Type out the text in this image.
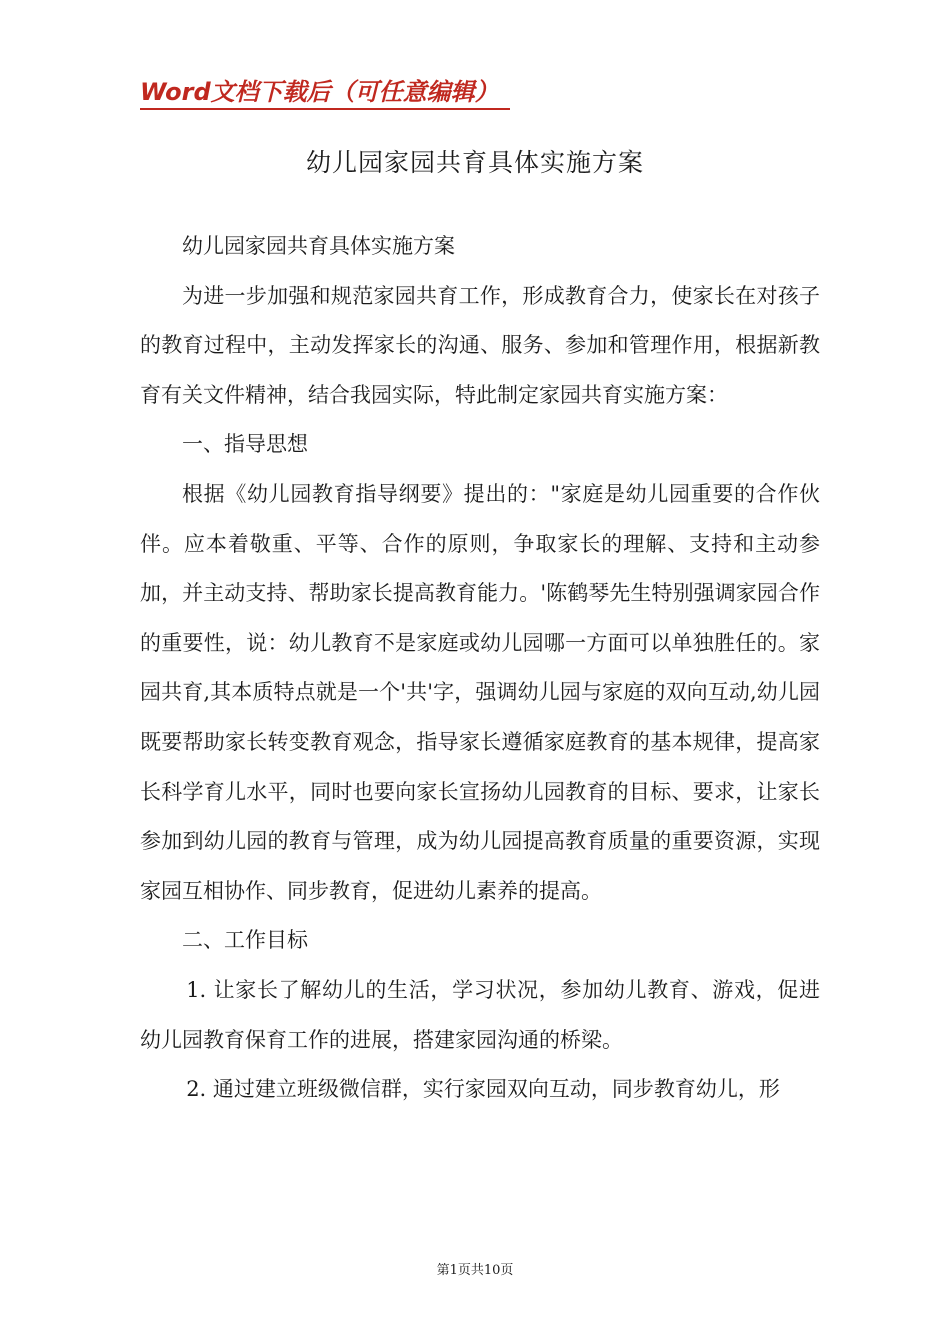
Word文档下载后（可任意编辑）
幼儿园家园共育具体实施方案

幼儿园家园共育具体实施方案

为进一步加强和规范家园共育工作，形成教育合力，使家长在对孩子的教育过程中，主动发挥家长的沟通、服务、参加和管理作用，根据新教育有关文件精神，结合我园实际，特此制定家园共育实施方案：

一、指导思想

根据《幼儿园教育指导纲要》提出的："家庭是幼儿园重要的合作伙伴。应本着敬重、平等、合作的原则，争取家长的理解、支持和主动参加，并主动支持、帮助家长提高教育能力。'陈鹤琴先生特别强调家园合作的重要性，说：幼儿教育不是家庭或幼儿园哪一方面可以单独胜任的。家园共育,其本质特点就是一个'共'字，强调幼儿园与家庭的双向互动,幼儿园既要帮助家长转变教育观念，指导家长遵循家庭教育的基本规律，提高家长科学育儿水平，同时也要向家长宣扬幼儿园教育的目标、要求，让家长参加到幼儿园的教育与管理，成为幼儿园提高教育质量的重要资源，实现家园互相协作、同步教育，促进幼儿素养的提高。

二、工作目标

1. 让家长了解幼儿的生活，学习状况，参加幼儿教育、游戏，促进幼儿园教育保育工作的进展，搭建家园沟通的桥梁。

2. 通过建立班级微信群，实行家园双向互动，同步教育幼儿，形

第1页共10页
